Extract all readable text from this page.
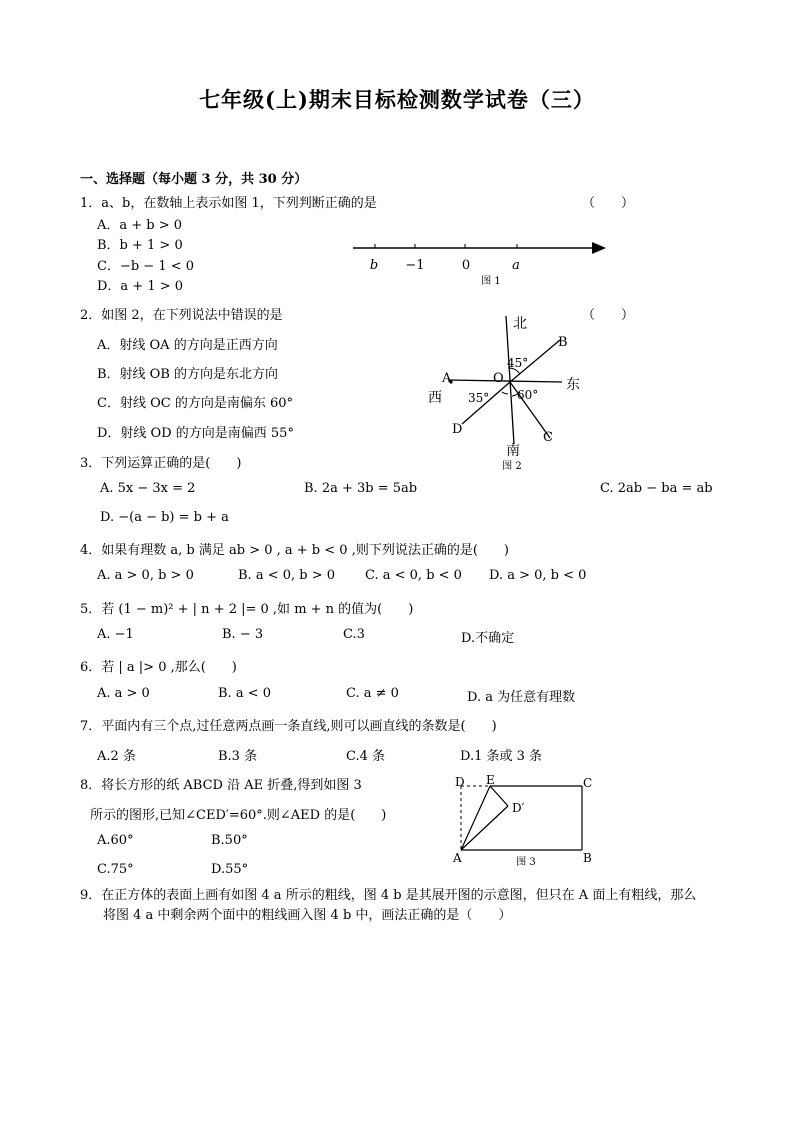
七年级(上)期末目标检测数学试卷（三）
一、选择题（每小题 3 分，共 30 分）
1．a、b，在数轴上表示如图 1，下列判断正确的是	（　　）
A．a + b > 0
B．b + 1 > 0
C．−b − 1 < 0
D．a + 1 > 0
b −1	0	a
图 1
2．如图 2，在下列说法中错误的是	（　　）
A．射线 OA 的方向是正西方向
B．射线 OB 的方向是东北方向
C．射线 OC 的方向是南偏东 60°
D．射线 OD 的方向是南偏西 55°
北
南
东
西
A
B
C
D
O
45°
35° 60°
图 2
3．下列运算正确的是(　　)
A. 5x − 3x = 2	B. 2a + 3b = 5ab	C. 2ab − ba = ab
D. −(a − b) = b + a
4．如果有理数 a, b 满足 ab > 0 , a + b < 0 ,则下列说法正确的是(　　)
A. a > 0, b > 0	B. a < 0, b > 0 C. a < 0, b < 0 D. a > 0, b < 0
5．若 (1 − m)² + | n + 2 |= 0 ,如 m + n 的值为(　　)
A. −1	B. − 3	C.3	D.不确定
6．若 | a |> 0 ,那么(　　)
A. a > 0	B. a < 0	C. a ≠ 0	D. a 为任意有理数
7．平面内有三个点,过任意两点画一条直线,则可以画直线的条数是(　　)
A.2 条	B.3 条	C.4 条	D.1 条或 3 条
8．将长方形的纸 ABCD 沿 AE 折叠,得到如图 3
所示的图形,已知∠CED′=60°.则∠AED 的是(　　)
A.60°	B.50°
C.75°	D.55°
D E	C
D′
A	B
图 3
9．在正方体的表面上画有如图 4 a 所示的粗线，图 4 b 是其展开图的示意图，但只在 A 面上有粗线，那么
将图 4 a 中剩余两个面中的粗线画入图 4 b 中，画法正确的是（　　）
